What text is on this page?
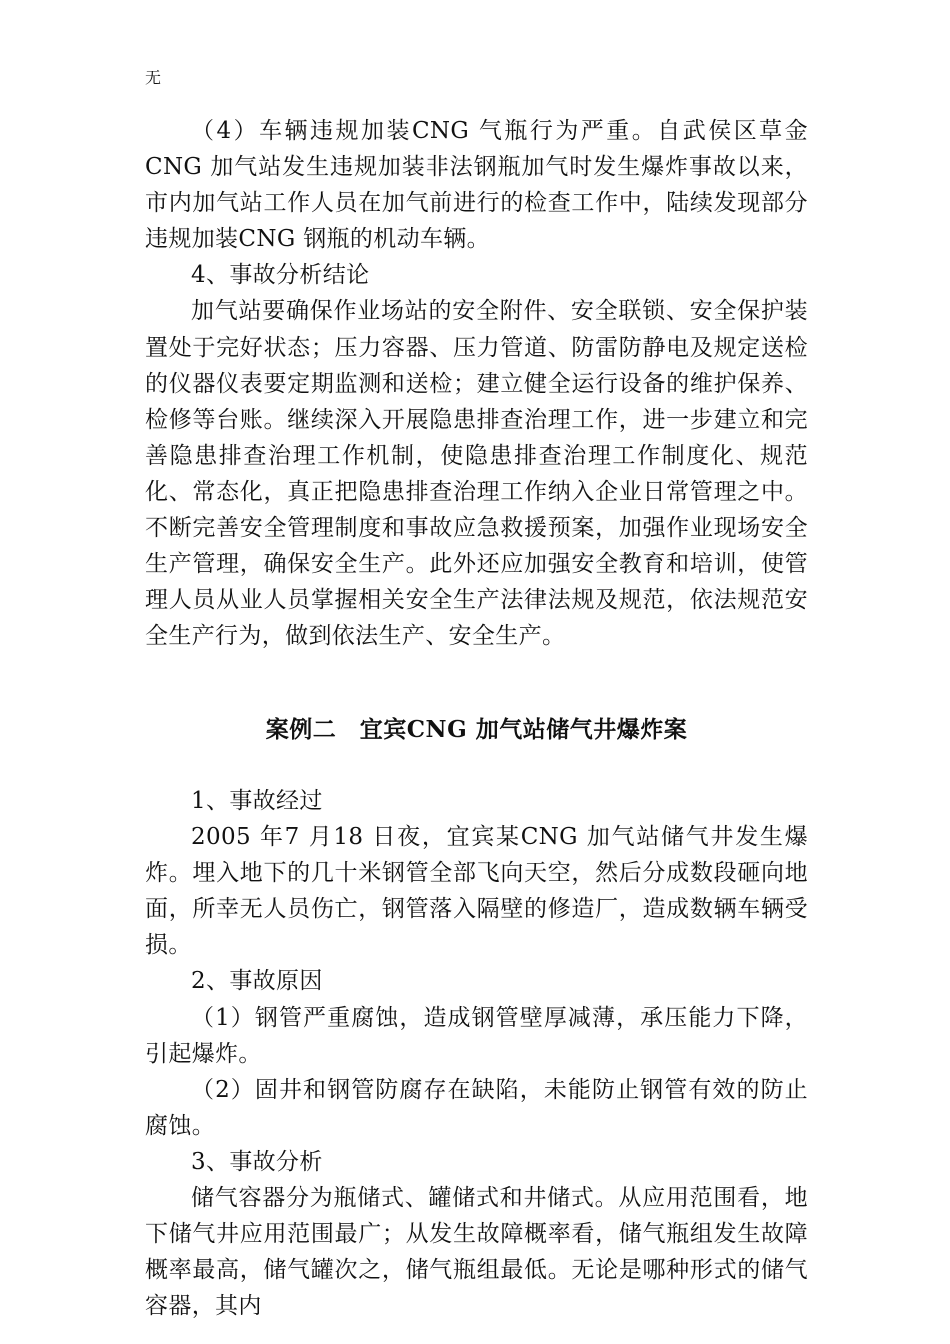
无

（4）车辆违规加装CNG 气瓶行为严重。自武侯区草金CNG 加气站发生违规加装非法钢瓶加气时发生爆炸事故以来，市内加气站工作人员在加气前进行的检查工作中，陆续发现部分违规加装CNG 钢瓶的机动车辆。

4、事故分析结论

加气站要确保作业场站的安全附件、安全联锁、安全保护装置处于完好状态；压力容器、压力管道、防雷防静电及规定送检的仪器仪表要定期监测和送检；建立健全运行设备的维护保养、检修等台账。继续深入开展隐患排查治理工作，进一步建立和完善隐患排查治理工作机制，使隐患排查治理工作制度化、规范化、常态化，真正把隐患排查治理工作纳入企业日常管理之中。不断完善安全管理制度和事故应急救援预案，加强作业现场安全生产管理，确保安全生产。此外还应加强安全教育和培训，使管理人员从业人员掌握相关安全生产法律法规及规范，依法规范安全生产行为，做到依法生产、安全生产。

案例二　宜宾CNG 加气站储气井爆炸案

1、事故经过

2005 年7 月18 日夜，宜宾某CNG 加气站储气井发生爆炸。埋入地下的几十米钢管全部飞向天空，然后分成数段砸向地面，所幸无人员伤亡，钢管落入隔壁的修造厂，造成数辆车辆受损。

2、事故原因

（1）钢管严重腐蚀，造成钢管壁厚减薄，承压能力下降，引起爆炸。

（2）固井和钢管防腐存在缺陷，未能防止钢管有效的防止腐蚀。

3、事故分析

储气容器分为瓶储式、罐储式和井储式。从应用范围看，地下储气井应用范围最广；从发生故障概率看，储气瓶组发生故障概率最高，储气罐次之，储气瓶组最低。无论是哪种形式的储气容器，其内
